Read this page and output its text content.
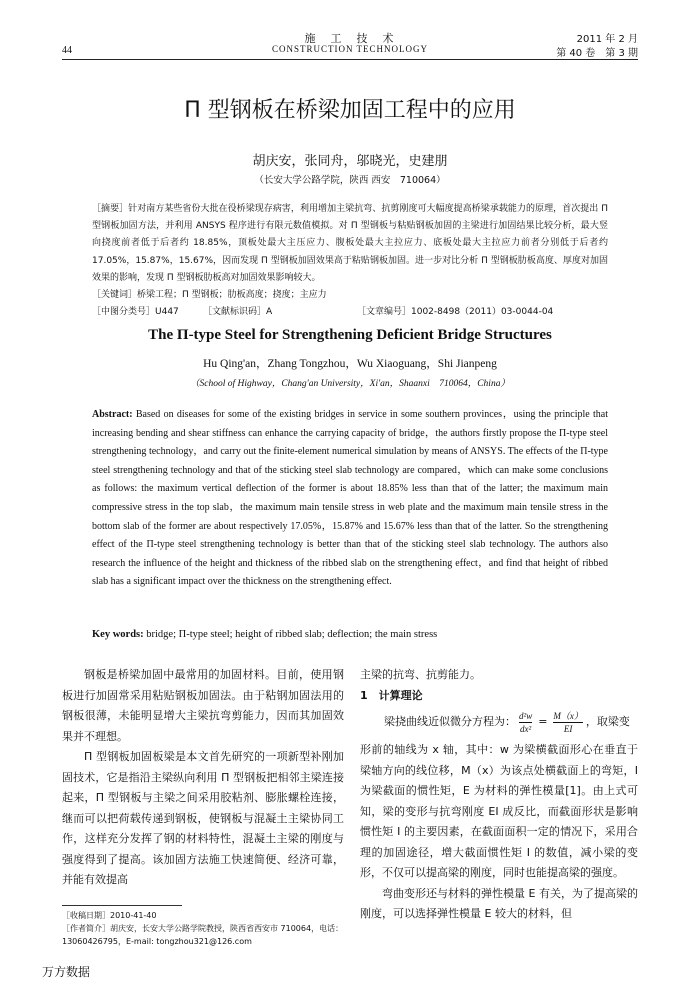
施　工　技　术
CONSTRUCTION TECHNOLOGY
44
2011 年 2 月
第 40 卷　第 3 期
Π 型钢板在桥梁加固工程中的应用
胡庆安，张同舟，邬晓光，史建朋
（长安大学公路学院，陕西 西安　710064）
［摘要］针对南方某些省份大批在役桥梁现存病害，利用增加主梁抗弯、抗剪刚度可大幅度提高桥梁承载能力的原理，首次提出 Π 型钢板加固方法，并利用 ANSYS 程序进行有限元数值模拟。对 Π 型钢板与粘贴钢板加固的主梁进行加固结果比较分析，最大竖向挠度前者低于后者约 18.85%，顶板处最大主压应力、腹板处最大主拉应力、底板处最大主拉应力前者分别低于后者约 17.05%，15.87%，15.67%，因而发现 Π 型钢板加固效果高于粘贴钢板加固。进一步对比分析 Π 型钢板肋板高度、厚度对加固效果的影响，发现 Π 型钢板肋板高对加固效果影响较大。
［关键词］桥梁工程；Π 型钢板；肋板高度；挠度；主应力
［中图分类号］U447	［文献标识码］A	［文章编号］1002-8498（2011）03-0044-04
The Π-type Steel for Strengthening Deficient Bridge Structures
Hu Qing'an，Zhang Tongzhou，Wu Xiaoguang，Shi Jianpeng
（School of Highway，Chang'an University，Xi'an，Shaanxi　710064，China）
Abstract: Based on diseases for some of the existing bridges in service in some southern provinces，using the principle that increasing bending and shear stiffness can enhance the carrying capacity of bridge，the authors firstly propose the Π-type steel strengthening technology，and carry out the finite-element numerical simulation by means of ANSYS. The effects of the Π-type steel strengthening technology and that of the sticking steel slab technology are compared，which can make some conclusions as follows: the maximum vertical deflection of the former is about 18.85% less than that of the latter; the maximum main compressive stress in the top slab，the maximum main tensile stress in web plate and the maximum main tensile stress in the bottom slab of the former are about respectively 17.05%，15.87% and 15.67% less than that of the latter. So the strengthening effect of the Π-type steel strengthening technology is better than that of the sticking steel slab technology. The authors also research the influence of the height and thickness of the ribbed slab on the strengthening effect，and find that height of ribbed slab has a significant impact over the thickness on the strengthening effect.
Key words: bridge; Π-type steel; height of ribbed slab; deflection; the main stress

钢板是桥梁加固中最常用的加固材料。目前，使用钢板进行加固常采用粘贴钢板加固法。由于粘钢加固法用的钢板很薄，未能明显增大主梁抗弯剪能力，因而其加固效果并不理想。

Π 型钢板加固板梁是本文首先研究的一项新型补刚加固技术，它是指沿主梁纵向利用 Π 型钢板把相邻主梁连接起来，Π 型钢板与主梁之间采用胶粘剂、膨胀螺栓连接，继而可以把荷载传递到钢板，使钢板与混凝土主梁协同工作，这样充分发挥了钢的材料特性，混凝土主梁的刚度与强度得到了提高。该加固方法施工快速简便、经济可靠，并能有效提高

［收稿日期］2010-41-40
［作者简介］胡庆安，长安大学公路学院教授，陕西省西安市 710064，电话：13060426795，E-mail: tongzhou321@126.com

主梁的抗弯、抗剪能力。

1　计算理论

梁挠曲线近似微分方程为： d²w
dx²
= M（x）
EI
，取梁变

形前的轴线为 x 轴，其中：w 为梁横截面形心在垂直于梁轴方向的线位移，M（x）为该点处横截面上的弯矩，I 为梁截面的惯性矩，E 为材料的弹性模量[1]。由上式可知，梁的变形与抗弯刚度 EI 成反比，而截面形状是影响惯性矩 I 的主要因素，在截面面积一定的情况下，采用合理的加固途径，增大截面惯性矩 I 的数值，减小梁的变形，不仅可以提高梁的刚度，同时也能提高梁的强度。

弯曲变形还与材料的弹性模量 E 有关，为了提高梁的刚度，可以选择弹性模量 E 较大的材料，但

万方数据
